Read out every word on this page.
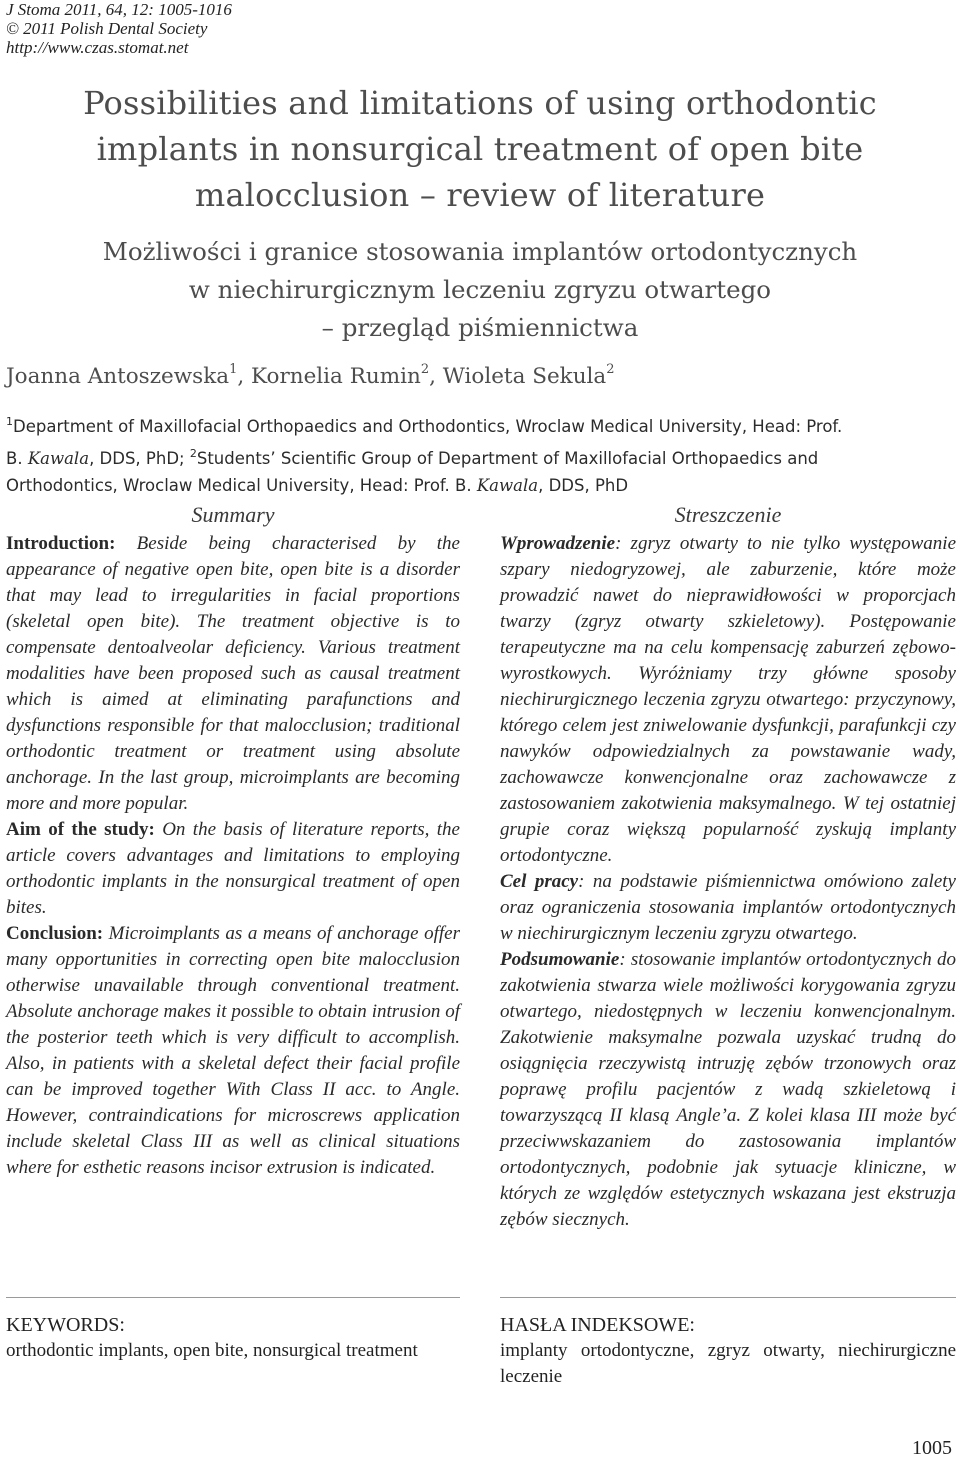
J Stoma 2011, 64, 12: 1005-1016
© 2011 Polish Dental Society
http://www.czas.stomat.net
Possibilities and limitations of using orthodontic
implants in nonsurgical treatment of open bite
malocclusion – review of literature
Możliwości i granice stosowania implantów ortodontycznych
w niechirurgicznym leczeniu zgryzu otwartego
– przegląd piśmiennictwa
Joanna Antoszewska$^1$, Kornelia Rumin$^2$, Wioleta Sekula$^2$
$^1$Department of Maxillofacial Orthopaedics and Orthodontics, Wroclaw Medical University, Head: Prof.
B. Kawala, DDS, PhD; $^2$Students’ Scientific Group of Department of Maxillofacial Orthopaedics and
Orthodontics, Wroclaw Medical University, Head: Prof. B. Kawala, DDS, PhD
Summary

Introduction: Beside being characterised by the appearance of negative open bite, open bite is a disorder that may lead to irregularities in facial proportions (skeletal open bite). The treatment objective is to compensate dentoalveolar deficiency. Various treatment modalities have been proposed such as causal treatment which is aimed at eliminating parafunctions and dysfunctions responsible for that malocclusion; traditional orthodontic treatment or treatment using absolute anchorage. In the last group, microimplants are becoming more and more popular.

Aim of the study: On the basis of literature reports, the article covers advantages and limitations to employing orthodontic implants in the nonsurgical treatment of open bites.

Conclusion: Microimplants as a means of anchorage offer many opportunities in correcting open bite malocclusion otherwise unavailable through conventional treatment. Absolute anchorage makes it possible to obtain intrusion of the posterior teeth which is very difficult to accomplish. Also, in patients with a skeletal defect their facial profile can be improved together With Class II acc. to Angle. However, contraindications for microscrews application include skeletal Class III as well as clinical situations where for esthetic reasons incisor extrusion is indicated.

Streszczenie

Wprowadzenie: zgryz otwarty to nie tylko występowanie szpary niedogryzowej, ale zaburzenie, które może prowadzić nawet do nieprawidłowości w proporcjach twarzy (zgryz otwarty szkieletowy). Postępowanie terapeutyczne ma na celu kompensację zaburzeń zębowo-wyrostkowych. Wyróżniamy trzy główne sposoby niechirurgicznego leczenia zgryzu otwartego: przyczynowy, którego celem jest zniwelowanie dysfunkcji, parafunkcji czy nawyków odpowiedzialnych za powstawanie wady, zachowawcze konwencjonalne oraz zachowawcze z zastosowaniem zakotwienia maksymalnego. W tej ostatniej grupie coraz większą popularność zyskują implanty ortodontyczne.

Cel pracy: na podstawie piśmiennictwa omówiono zalety oraz ograniczenia stosowania implantów ortodontycznych w niechirurgicznym leczeniu zgryzu otwartego.

Podsumowanie: stosowanie implantów ortodontycznych do zakotwienia stwarza wiele możliwości korygowania zgryzu otwartego, niedostępnych w leczeniu konwencjonalnym. Zakotwienie maksymalne pozwala uzyskać trudną do osiągnięcia rzeczywistą intruzję zębów trzonowych oraz poprawę profilu pacjentów z wadą szkieletową i towarzyszącą II klasą Angle’a. Z kolei klasa III może być przeciwwskazaniem do zastosowania implantów ortodontycznych, podobnie jak sytuacje kliniczne, w których ze względów estetycznych wskazana jest ekstruzja zębów siecznych.

KEYWORDS:

orthodontic implants, open bite, nonsurgical treatment

HASŁA INDEKSOWE:

implanty ortodontyczne, zgryz otwarty, niechirurgiczne leczenie

1005
